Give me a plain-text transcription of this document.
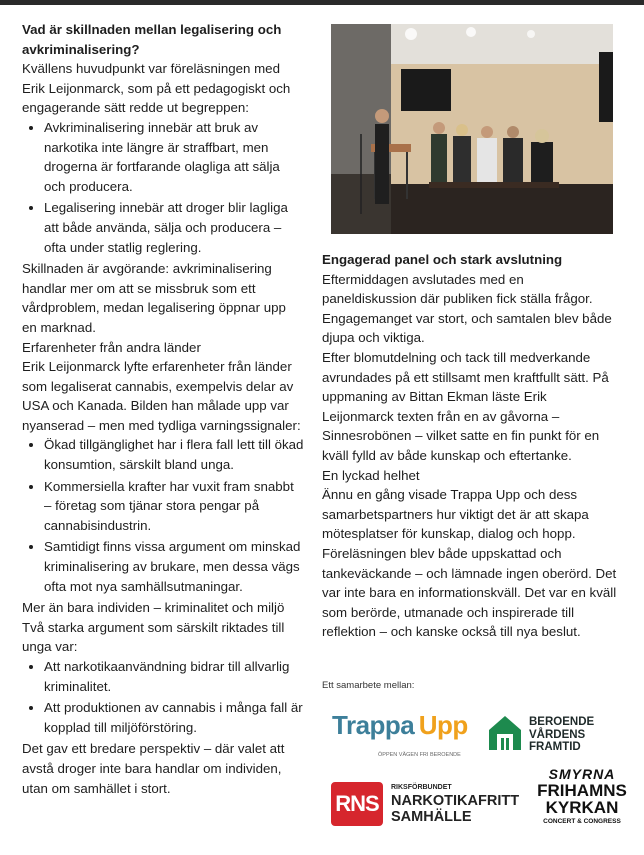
Vad är skillnaden mellan legalisering och avkriminalisering?

Kvällens huvudpunkt var föreläsningen med Erik Leijonmarck, som på ett pedagogiskt och engagerande sätt redde ut begreppen:

• Avkriminalisering innebär att bruk av narkotika inte längre är straffbart, men drogerna är fortfarande olagliga att sälja och producera.
• Legalisering innebär att droger blir lagliga att både använda, sälja och producera – ofta under statlig reglering.

Skillnaden är avgörande: avkriminalisering handlar mer om att se missbruk som ett vårdproblem, medan legalisering öppnar upp en marknad.

Erfarenheter från andra länder

Erik Leijonmarck lyfte erfarenheter från länder som legaliserat cannabis, exempelvis delar av USA och Kanada. Bilden han målade upp var nyanserad – men med tydliga varningssignaler:

• Ökad tillgänglighet har i flera fall lett till ökad konsumtion, särskilt bland unga.
• Kommersiella krafter har vuxit fram snabbt – företag som tjänar stora pengar på cannabisindustrin.
• Samtidigt finns vissa argument om minskad kriminalisering av brukare, men dessa vägs ofta mot nya samhällsutmaningar.

Mer än bara individen – kriminalitet och miljö

Två starka argument som särskilt riktades till unga var:

• Att narkotikaanvändning bidrar till allvarlig kriminalitet.
• Att produktionen av cannabis i många fall är kopplad till miljöförstöring.

Det gav ett bredare perspektiv – där valet att avstå droger inte bara handlar om individen, utan om samhället i stort.

Engagerad panel och stark avslutning

Eftermiddagen avslutades med en paneldiskussion där publiken fick ställa frågor. Engagemanget var stort, och samtalen blev både djupa och viktiga.

Efter blomutdelning och tack till medverkande avrundades på ett stillsamt men kraftfullt sätt. På uppmaning av Bittan Ekman läste Erik Leijonmarck texten från en av gåvorna – Sinnesrobönen – vilket satte en fin punkt för en kväll fylld av både kunskap och eftertanke.

En lyckad helhet

Ännu en gång visade Trappa Upp och dess samarbetspartners hur viktigt det är att skapa mötesplatser för kunskap, dialog och hopp. Föreläsningen blev både uppskattad och tankeväckande – och lämnade ingen oberörd. Det var inte bara en informationskväll. Det var en kväll som berörde, utmanade och inspirerade till reflektion – och kanske också till nya beslut.

Ett samarbete mellan:
Trappa Upp
ÖPPEN VÄGEN FRI BEROENDE
BEROENDE
VÅRDENS
FRAMTID
RNS
RIKSFÖRBUNDET
NARKOTIKAFRITT
SAMHÄLLE
SMYRNA
FRIHAMNS
KYRKAN
CONCERT & CONGRESS
